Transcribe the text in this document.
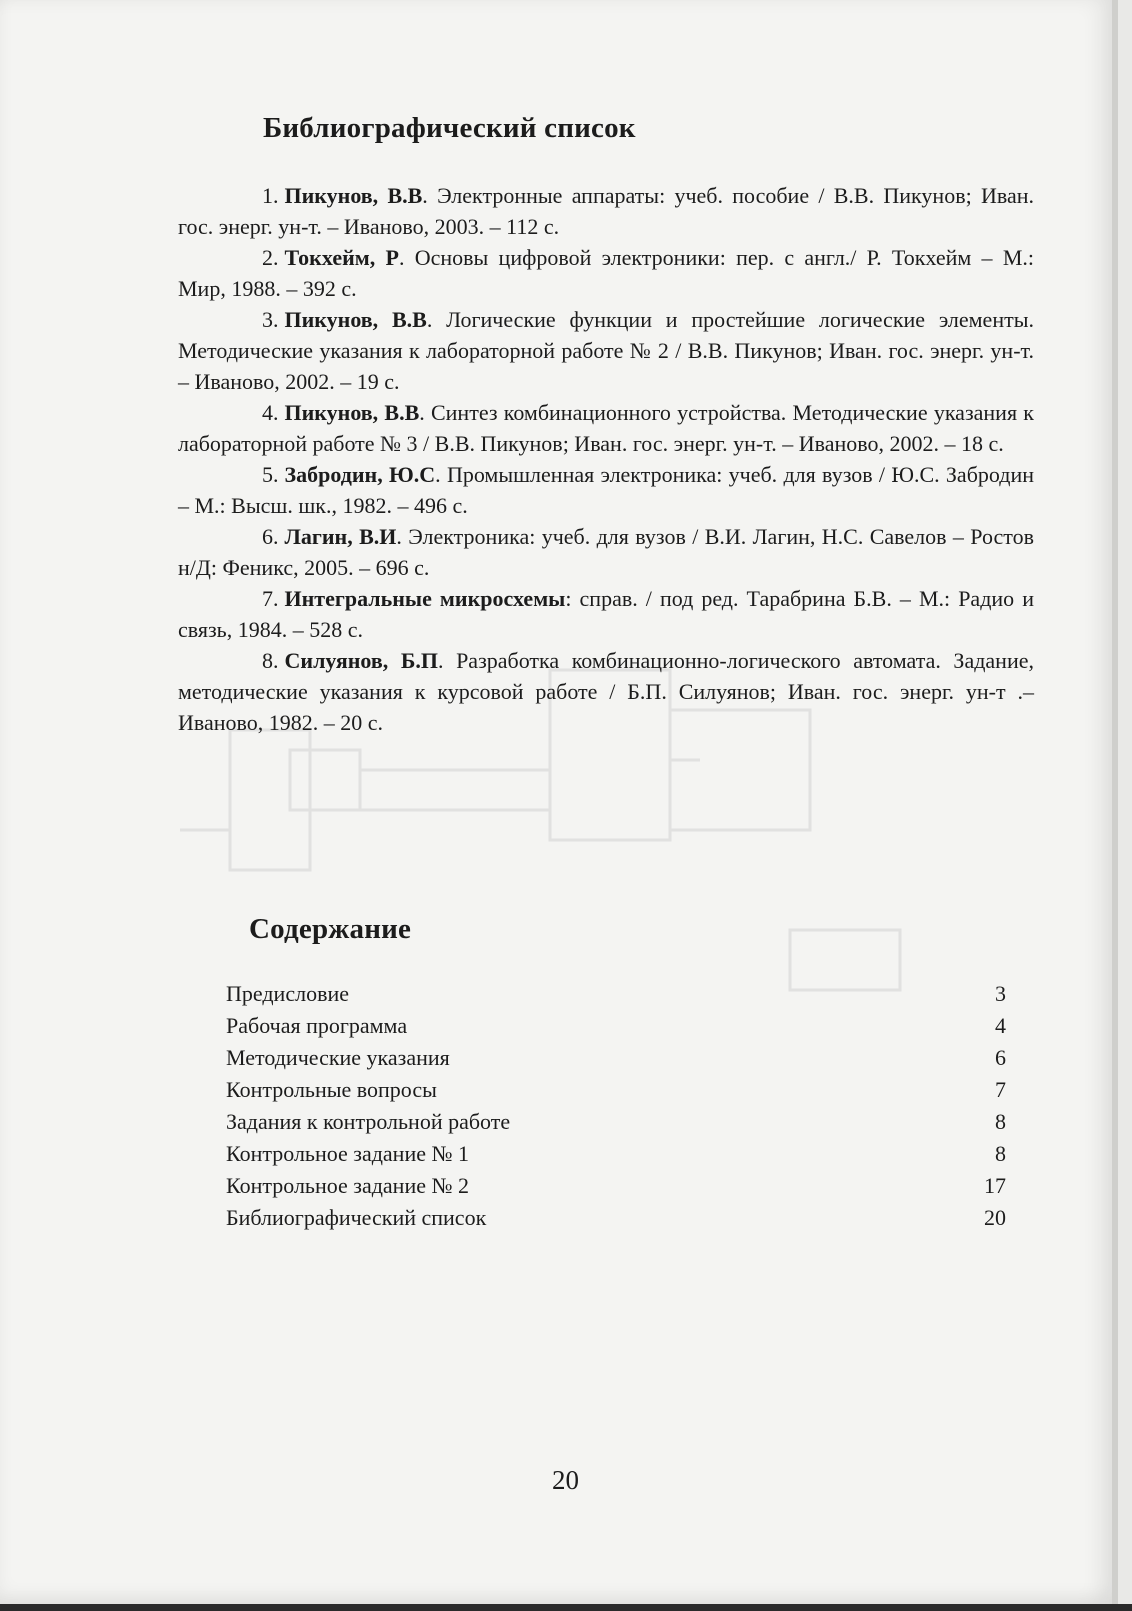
Библиографический список

1. Пикунов, В.В. Электронные аппараты: учеб. пособие / В.В. Пикунов; Иван. гос. энерг. ун-т. – Иваново, 2003. – 112 с.

2. Токхейм, Р. Основы цифровой электроники: пер. с англ./ Р. Токхейм – М.: Мир, 1988. – 392 с.

3. Пикунов, В.В. Логические функции и простейшие логические элементы. Методические указания к лабораторной работе № 2 / В.В. Пикунов; Иван. гос. энерг. ун-т. – Иваново, 2002. – 19 с.

4. Пикунов, В.В. Синтез комбинационного устройства. Методические указания к лабораторной работе № 3 / В.В. Пикунов; Иван. гос. энерг. ун-т. – Иваново, 2002. – 18 с.

5. Забродин, Ю.С. Промышленная электроника: учеб. для вузов / Ю.С. Забродин – М.: Высш. шк., 1982. – 496 с.

6. Лагин, В.И. Электроника: учеб. для вузов / В.И. Лагин, Н.С. Савелов – Ростов н/Д: Феникс, 2005. – 696 с.

7. Интегральные микросхемы: справ. / под ред. Тарабрина Б.В. – М.: Радио и связь, 1984. – 528 с.

8. Силуянов, Б.П. Разработка комбинационно-логического автомата. Задание, методические указания к курсовой работе / Б.П. Силуянов; Иван. гос. энерг. ун-т .– Иваново, 1982. – 20 с.

Содержание
Предисловие	3
Рабочая программа	4
Методические указания	6
Контрольные вопросы	7
Задания к контрольной работе	8
Контрольное задание № 1	8
Контрольное задание № 2	17
Библиографический список	20

20
